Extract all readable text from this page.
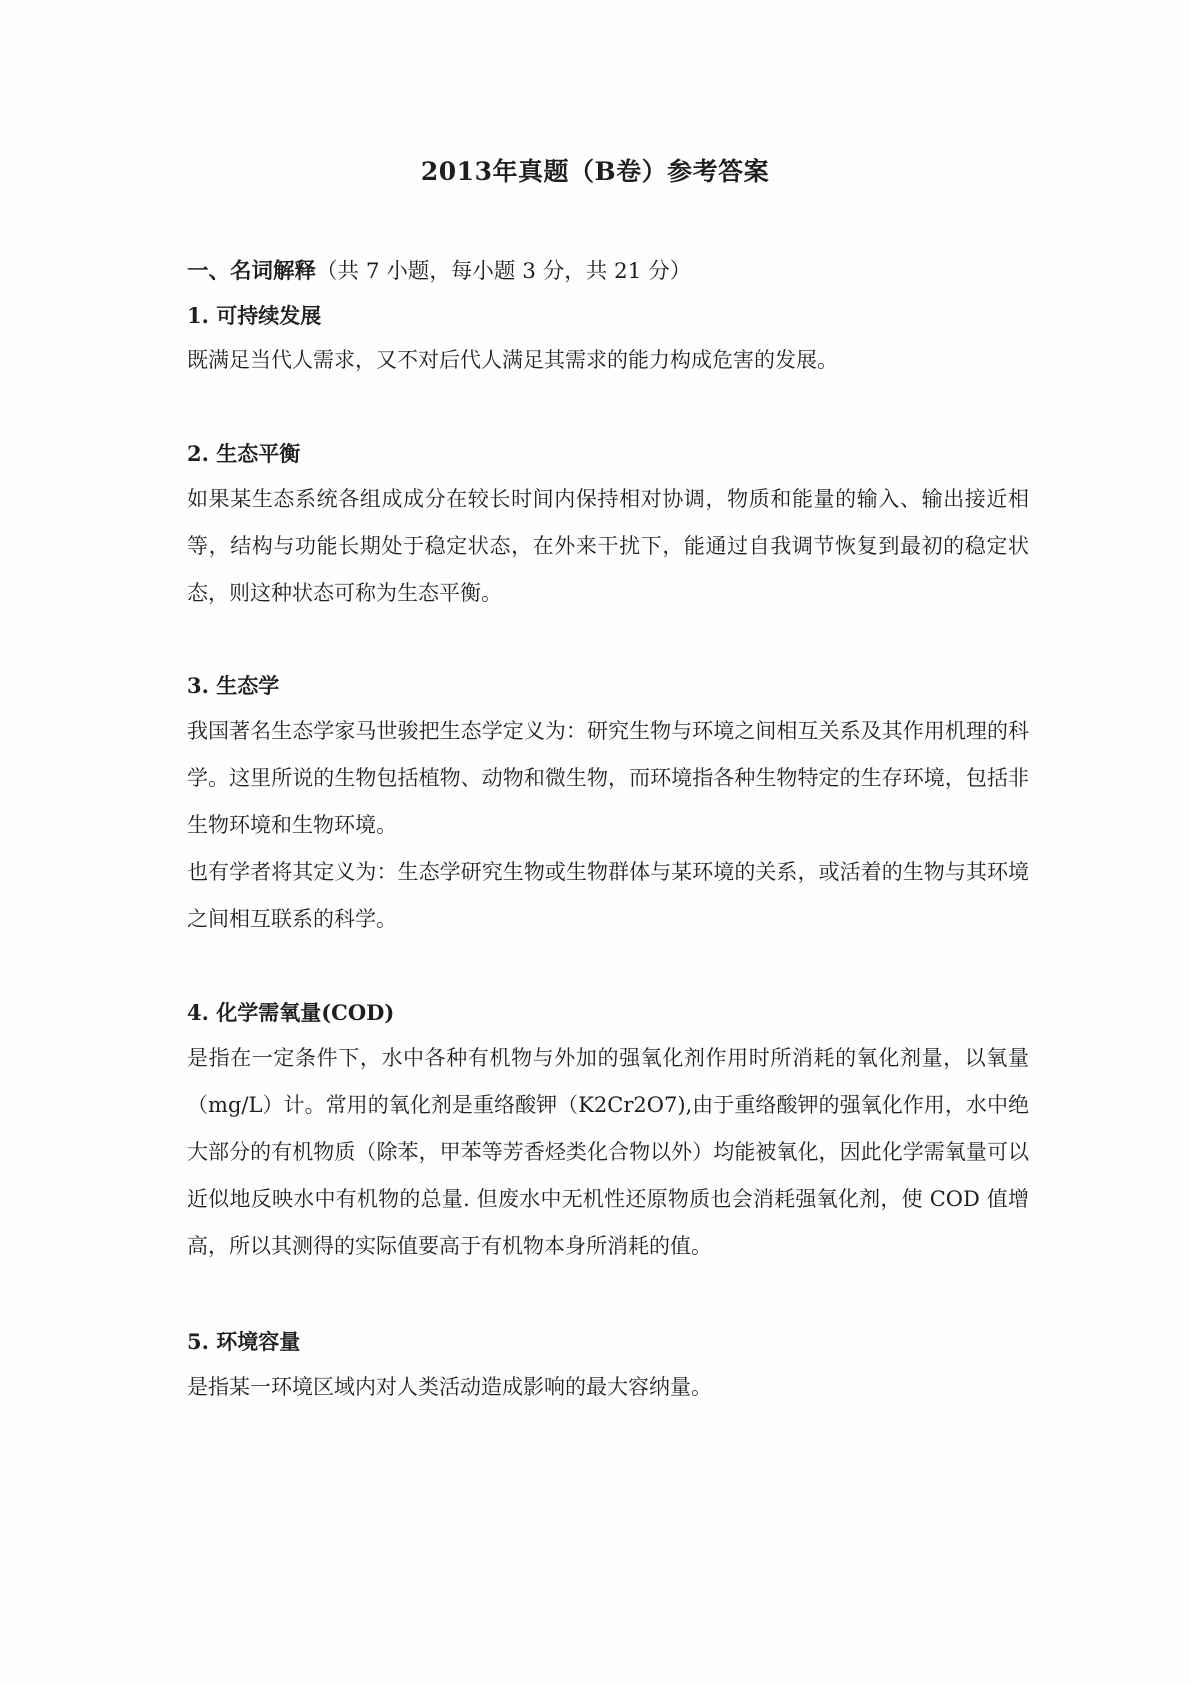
2013年真题（B卷）参考答案
一、名词解释（共 7 小题，每小题 3 分，共 21 分）
1. 可持续发展

既满足当代人需求，又不对后代人满足其需求的能力构成危害的发展。

2. 生态平衡

如果某生态系统各组成成分在较长时间内保持相对协调，物质和能量的输入、输出接近相等，结构与功能长期处于稳定状态，在外来干扰下，能通过自我调节恢复到最初的稳定状态，则这种状态可称为生态平衡。

3. 生态学

我国著名生态学家马世骏把生态学定义为：研究生物与环境之间相互关系及其作用机理的科学。这里所说的生物包括植物、动物和微生物，而环境指各种生物特定的生存环境，包括非生物环境和生物环境。

也有学者将其定义为：生态学研究生物或生物群体与某环境的关系，或活着的生物与其环境之间相互联系的科学。

4. 化学需氧量(COD)

是指在一定条件下，水中各种有机物与外加的强氧化剂作用时所消耗的氧化剂量，以氧量（mg/L）计。常用的氧化剂是重络酸钾（K2Cr2O7),由于重络酸钾的强氧化作用，水中绝大部分的有机物质（除苯，甲苯等芳香烃类化合物以外）均能被氧化，因此化学需氧量可以近似地反映水中有机物的总量. 但废水中无机性还原物质也会消耗强氧化剂，使 COD 值增高，所以其测得的实际值要高于有机物本身所消耗的值。

5. 环境容量

是指某一环境区域内对人类活动造成影响的最大容纳量。
